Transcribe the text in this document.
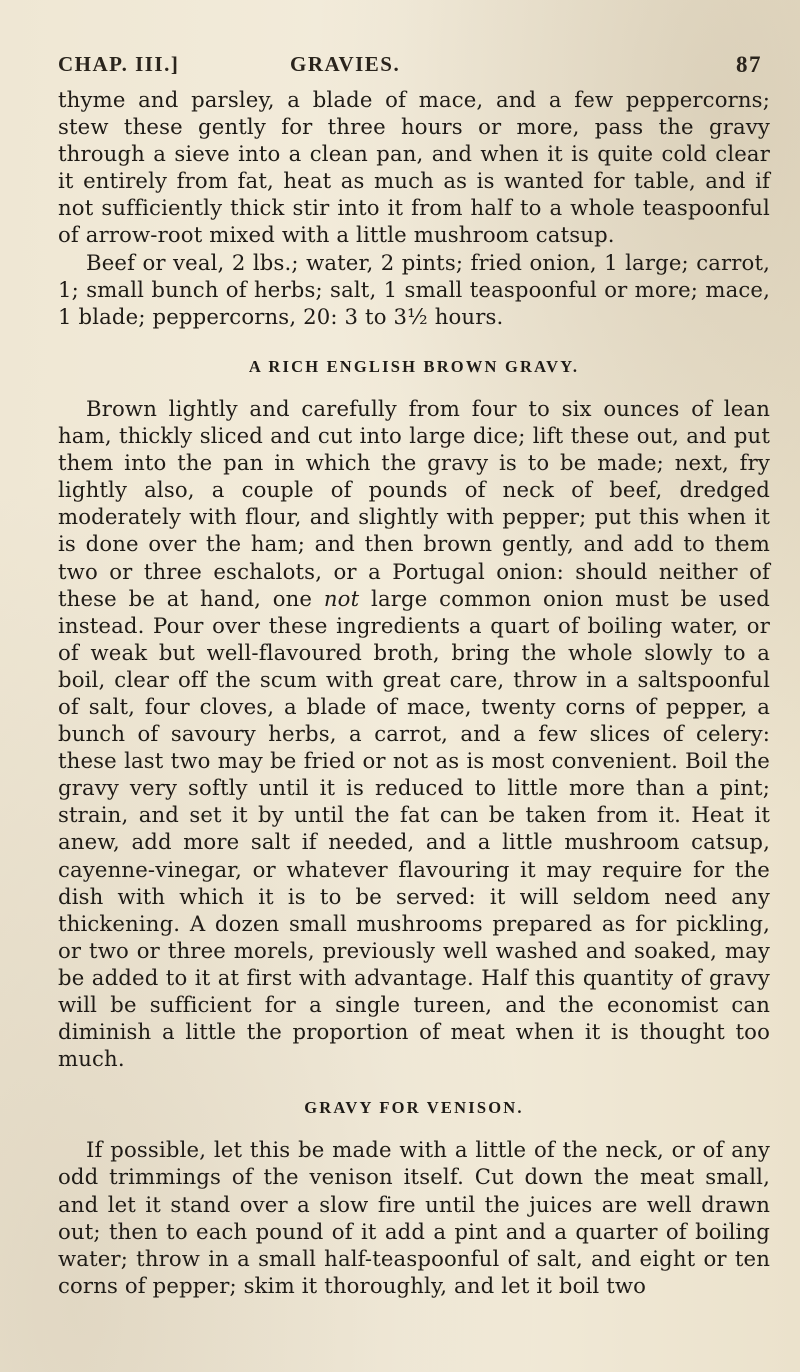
CHAP. III.]	GRAVIES.	87

thyme and parsley, a blade of mace, and a few peppercorns; stew these gently for three hours or more, pass the gravy through a sieve into a clean pan, and when it is quite cold clear it entirely from fat, heat as much as is wanted for table, and if not sufficiently thick stir into it from half to a whole teaspoonful of arrow-root mixed with a little mushroom catsup.

Beef or veal, 2 lbs.; water, 2 pints; fried onion, 1 large; carrot, 1; small bunch of herbs; salt, 1 small teaspoonful or more; mace, 1 blade; peppercorns, 20: 3 to 3½ hours.

A RICH ENGLISH BROWN GRAVY.

Brown lightly and carefully from four to six ounces of lean ham, thickly sliced and cut into large dice; lift these out, and put them into the pan in which the gravy is to be made; next, fry lightly also, a couple of pounds of neck of beef, dredged moderately with flour, and slightly with pepper; put this when it is done over the ham; and then brown gently, and add to them two or three eschalots, or a Portugal onion: should neither of these be at hand, one not large common onion must be used instead. Pour over these ingredients a quart of boiling water, or of weak but well-flavoured broth, bring the whole slowly to a boil, clear off the scum with great care, throw in a saltspoonful of salt, four cloves, a blade of mace, twenty corns of pepper, a bunch of savoury herbs, a carrot, and a few slices of celery: these last two may be fried or not as is most convenient. Boil the gravy very softly until it is reduced to little more than a pint; strain, and set it by until the fat can be taken from it. Heat it anew, add more salt if needed, and a little mushroom catsup, cayenne-vinegar, or whatever flavouring it may require for the dish with which it is to be served: it will seldom need any thickening. A dozen small mushrooms prepared as for pickling, or two or three morels, previously well washed and soaked, may be added to it at first with advantage. Half this quantity of gravy will be sufficient for a single tureen, and the economist can diminish a little the proportion of meat when it is thought too much.

GRAVY FOR VENISON.

If possible, let this be made with a little of the neck, or of any odd trimmings of the venison itself. Cut down the meat small, and let it stand over a slow fire until the juices are well drawn out; then to each pound of it add a pint and a quarter of boiling water; throw in a small half-teaspoonful of salt, and eight or ten corns of pepper; skim it thoroughly, and let it boil two
